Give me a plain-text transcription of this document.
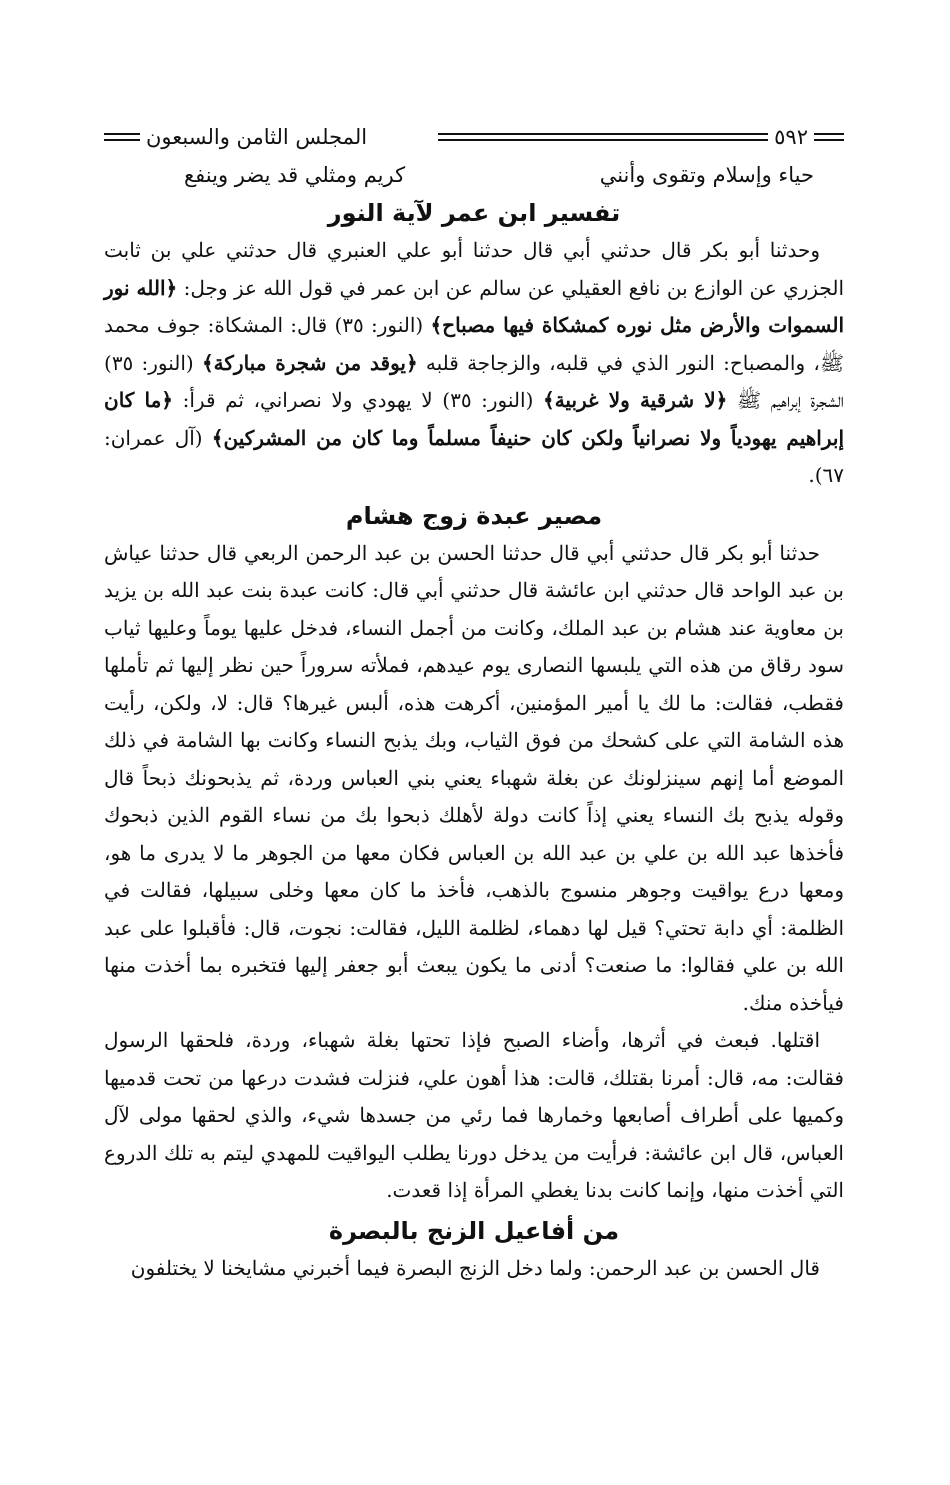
٥٩٢
المجلس الثامن والسبعون
حياء وإسلام وتقوى وأنني
كريم ومثلي قد يضر وينفع
تفسير ابن عمر لآية النور

وحدثنا أبو بكر قال حدثني أبي قال حدثنا أبو علي العنبري قال حدثني علي بن ثابت الجزري عن الوازع بن نافع العقيلي عن سالم عن ابن عمر في قول الله عز وجل: ﴿الله نور السموات والأرض مثل نوره كمشكاة فيها مصباح﴾ (النور: ٣٥) قال: المشكاة: جوف محمد ﷺ، والمصباح: النور الذي في قلبه، والزجاجة قلبه ﴿يوقد من شجرة مباركة﴾ (النور: ٣٥) الشجرة إبراهيم ﷺ ﴿لا شرقية ولا غربية﴾ (النور: ٣٥) لا يهودي ولا نصراني، ثم قرأ: ﴿ما كان إبراهيم يهودياً ولا نصرانياً ولكن كان حنيفاً مسلماً وما كان من المشركين﴾ (آل عمران: ٦٧).

مصير عبدة زوج هشام

حدثنا أبو بكر قال حدثني أبي قال حدثنا الحسن بن عبد الرحمن الربعي قال حدثنا عياش بن عبد الواحد قال حدثني ابن عائشة قال حدثني أبي قال: كانت عبدة بنت عبد الله بن يزيد بن معاوية عند هشام بن عبد الملك، وكانت من أجمل النساء، فدخل عليها يوماً وعليها ثياب سود رقاق من هذه التي يلبسها النصارى يوم عيدهم، فملأته سروراً حين نظر إليها ثم تأملها فقطب، فقالت: ما لك يا أمير المؤمنين، أكرهت هذه، ألبس غيرها؟ قال: لا، ولكن، رأيت هذه الشامة التي على كشحك من فوق الثياب، وبك يذبح النساء وكانت بها الشامة في ذلك الموضع أما إنهم سينزلونك عن بغلة شهباء يعني بني العباس وردة، ثم يذبحونك ذبحاً قال وقوله يذبح بك النساء يعني إذاً كانت دولة لأهلك ذبحوا بك من نساء القوم الذين ذبحوك فأخذها عبد الله بن علي بن عبد الله بن العباس فكان معها من الجوهر ما لا يدرى ما هو، ومعها درع يواقيت وجوهر منسوج بالذهب، فأخذ ما كان معها وخلى سبيلها، فقالت في الظلمة: أي دابة تحتي؟ قيل لها دهماء، لظلمة الليل، فقالت: نجوت، قال: فأقبلوا على عبد الله بن علي فقالوا: ما صنعت؟ أدنى ما يكون يبعث أبو جعفر إليها فتخبره بما أخذت منها فيأخذه منك.

اقتلها. فبعث في أثرها، وأضاء الصبح فإذا تحتها بغلة شهباء، وردة، فلحقها الرسول فقالت: مه، قال: أمرنا بقتلك، قالت: هذا أهون علي، فنزلت فشدت درعها من تحت قدميها وكميها على أطراف أصابعها وخمارها فما رئي من جسدها شيء، والذي لحقها مولى لآل العباس، قال ابن عائشة: فرأيت من يدخل دورنا يطلب اليواقيت للمهدي ليتم به تلك الدروع التي أخذت منها، وإنما كانت بدنا يغطي المرأة إذا قعدت.

من أفاعيل الزنج بالبصرة

قال الحسن بن عبد الرحمن: ولما دخل الزنج البصرة فيما أخبرني مشايخنا لا يختلفون
